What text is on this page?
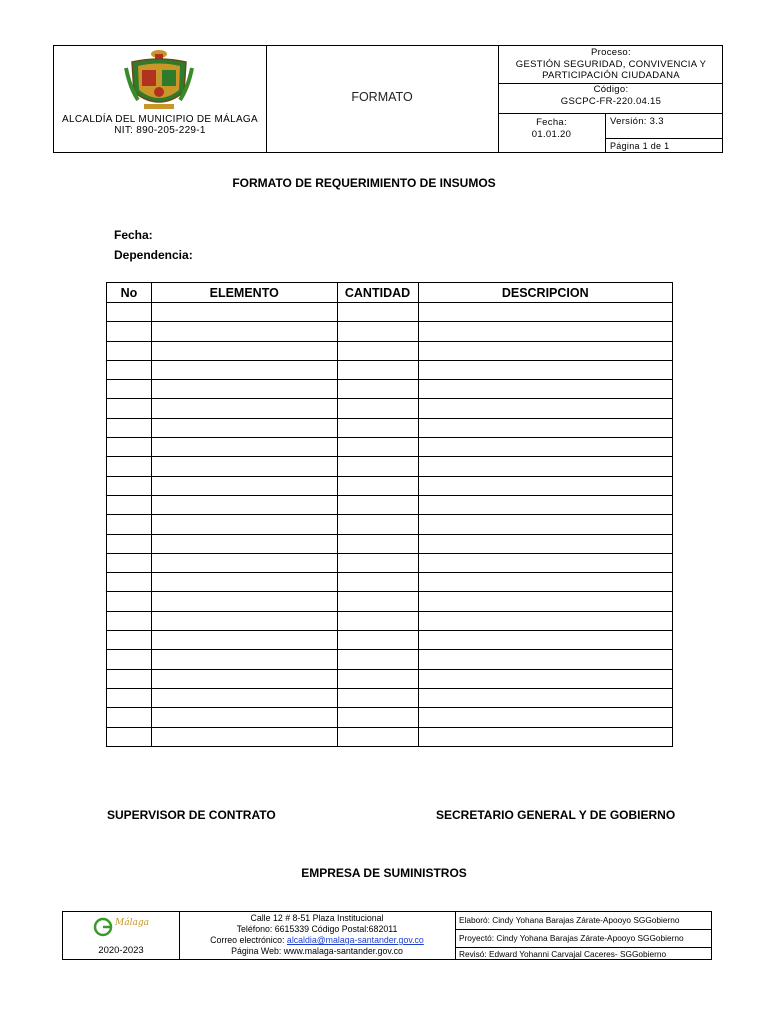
ALCALDÍA DEL MUNICIPIO DE MÁLAGA
NIT: 890-205-229-1
FORMATO
Proceso:
GESTIÓN SEGURIDAD, CONVIVENCIA Y
PARTICIPACIÓN CIUDADANA
Código:
GSCPC-FR-220.04.15
Fecha:
01.01.20
Versión: 3.3
Página 1 de 1
FORMATO DE REQUERIMIENTO DE INSUMOS
Fecha:
Dependencia:
No	ELEMENTO	CANTIDAD	DESCRIPCION

SUPERVISOR DE CONTRATO	SECRETARIO GENERAL Y DE GOBIERNO
EMPRESA DE SUMINISTROS
Málaga
2020-2023
Calle 12 # 8-51 Plaza Institucional
Teléfono: 6615339 Código Postal:682011
Correo electrónico: alcaldia@malaga-santander.gov.co
Página Web: www.malaga-santander.gov.co
Elaboró: Cindy Yohana Barajas Zárate-Apooyo SGGobierno
Proyectó: Cindy Yohana Barajas Zárate-Apooyo SGGobierno
Revisó: Edward Yohanni Carvajal Caceres- SGGobierno
